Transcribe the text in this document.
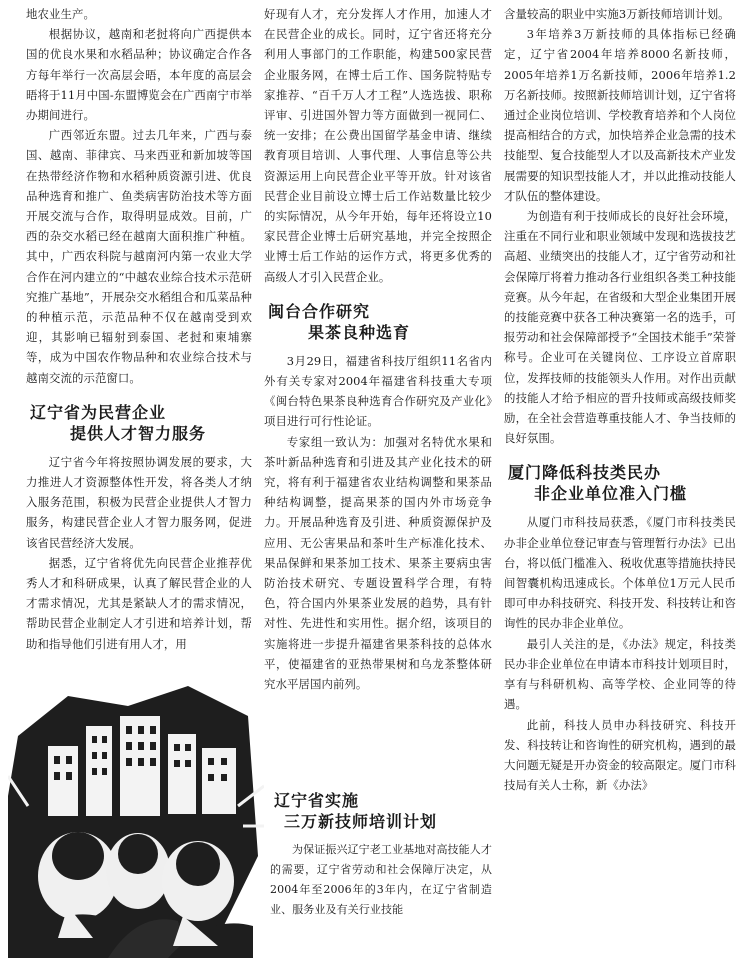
地农业生产。

根据协议，越南和老挝将向广西提供本国的优良水果和水稻品种；协议确定合作各方每年举行一次高层会晤，本年度的高层会晤将于11月中国-东盟博览会在广西南宁市举办期间进行。

广西邻近东盟。过去几年来，广西与泰国、越南、菲律宾、马来西亚和新加坡等国在热带经济作物和水稻种质资源引进、优良品种选育和推广、鱼类病害防治技术等方面开展交流与合作，取得明显成效。目前，广西的杂交水稻已经在越南大面积推广种植。其中，广西农科院与越南河内第一农业大学合作在河内建立的“中越农业综合技术示范研究推广基地”，开展杂交水稻组合和瓜菜品种的种植示范，示范品种不仅在越南受到欢迎，其影响已辐射到泰国、老挝和柬埔寨等，成为中国农作物品种和农业综合技术与越南交流的示范窗口。

辽宁省为民营企业
提供人才智力服务

辽宁省今年将按照协调发展的要求，大力推进人才资源整体性开发，将各类人才纳入服务范围，积极为民营企业提供人才智力服务，构建民营企业人才智力服务网，促进该省民营经济大发展。

据悉，辽宁省将优先向民营企业推荐优秀人才和科研成果，认真了解民营企业的人才需求情况，尤其是紧缺人才的需求情况，帮助民营企业制定人才引进和培养计划，帮助和指导他们引进有用人才，用

好现有人才，充分发挥人才作用，加速人才在民营企业的成长。同时，辽宁省还将充分利用人事部门的工作职能，构建500家民营企业服务网，在博士后工作、国务院特贴专家推荐、“百千万人才工程”人选选拔、职称评审、引进国外智力等方面做到一视同仁、统一安排；在公费出国留学基金申请、继续教育项目培训、人事代理、人事信息等公共资源运用上向民营企业平等开放。针对该省民营企业目前设立博士后工作站数量比较少的实际情况，从今年开始，每年还将设立10家民营企业博士后研究基地，并完全按照企业博士后工作站的运作方式，将更多优秀的高级人才引入民营企业。

闽台合作研究
果茶良种选育

3月29日，福建省科技厅组织11名省内外有关专家对2004年福建省科技重大专项《闽台特色果茶良种选育合作研究及产业化》项目进行可行性论证。

专家组一致认为：加强对名特优水果和茶叶新品种选育和引进及其产业化技术的研究，将有利于福建省农业结构调整和果茶品种结构调整，提高果茶的国内外市场竞争力。开展品种选育及引进、种质资源保护及应用、无公害果品和茶叶生产标准化技术、果品保鲜和果茶加工技术、果茶主要病虫害防治技术研究、专题设置科学合理，有特色，符合国内外果茶业发展的趋势，具有针对性、先进性和实用性。据介绍，该项目的实施将进一步提升福建省果茶科技的总体水平，使福建省的亚热带果树和乌龙茶整体研究水平居国内前列。

辽宁省实施
三万新技师培训计划

为保证振兴辽宁老工业基地对高技能人才的需要，辽宁省劳动和社会保障厅决定，从2004年至2006年的3年内，在辽宁省制造业、服务业及有关行业技能

含量较高的职业中实施3万新技师培训计划。

3年培养3万新技师的具体指标已经确定，辽宁省2004年培养8000名新技师，2005年培养1万名新技师，2006年培养1.2万名新技师。按照新技师培训计划，辽宁省将通过企业岗位培训、学校教育培养和个人岗位提高相结合的方式，加快培养企业急需的技术技能型、复合技能型人才以及高新技术产业发展需要的知识型技能人才，并以此推动技能人才队伍的整体建设。

为创造有利于技师成长的良好社会环境，注重在不同行业和职业领域中发现和选拔技艺高超、业绩突出的技能人才，辽宁省劳动和社会保障厅将着力推动各行业组织各类工种技能竞赛。从今年起，在省级和大型企业集团开展的技能竞赛中获各工种决赛第一名的选手，可报劳动和社会保障部授予“全国技术能手”荣誉称号。企业可在关键岗位、工序设立首席职位，发挥技师的技能领头人作用。对作出贡献的技能人才给予相应的晋升技师或高级技师奖励，在全社会营造尊重技能人才、争当技师的良好氛围。

厦门降低科技类民办
非企业单位准入门槛

从厦门市科技局获悉，《厦门市科技类民办非企业单位登记审查与管理暂行办法》已出台，将以低门槛准入、税收优惠等措施扶持民间智囊机构迅速成长。个体单位1万元人民币即可申办科技研究、科技开发、科技转让和咨询性的民办非企业单位。

最引人关注的是，《办法》规定，科技类民办非企业单位在申请本市科技计划项目时，享有与科研机构、高等学校、企业同等的待遇。

此前，科技人员申办科技研究、科技开发、科技转让和咨询性的研究机构，遇到的最大问题无疑是开办资金的较高限定。厦门市科技局有关人士称，新《办法》
